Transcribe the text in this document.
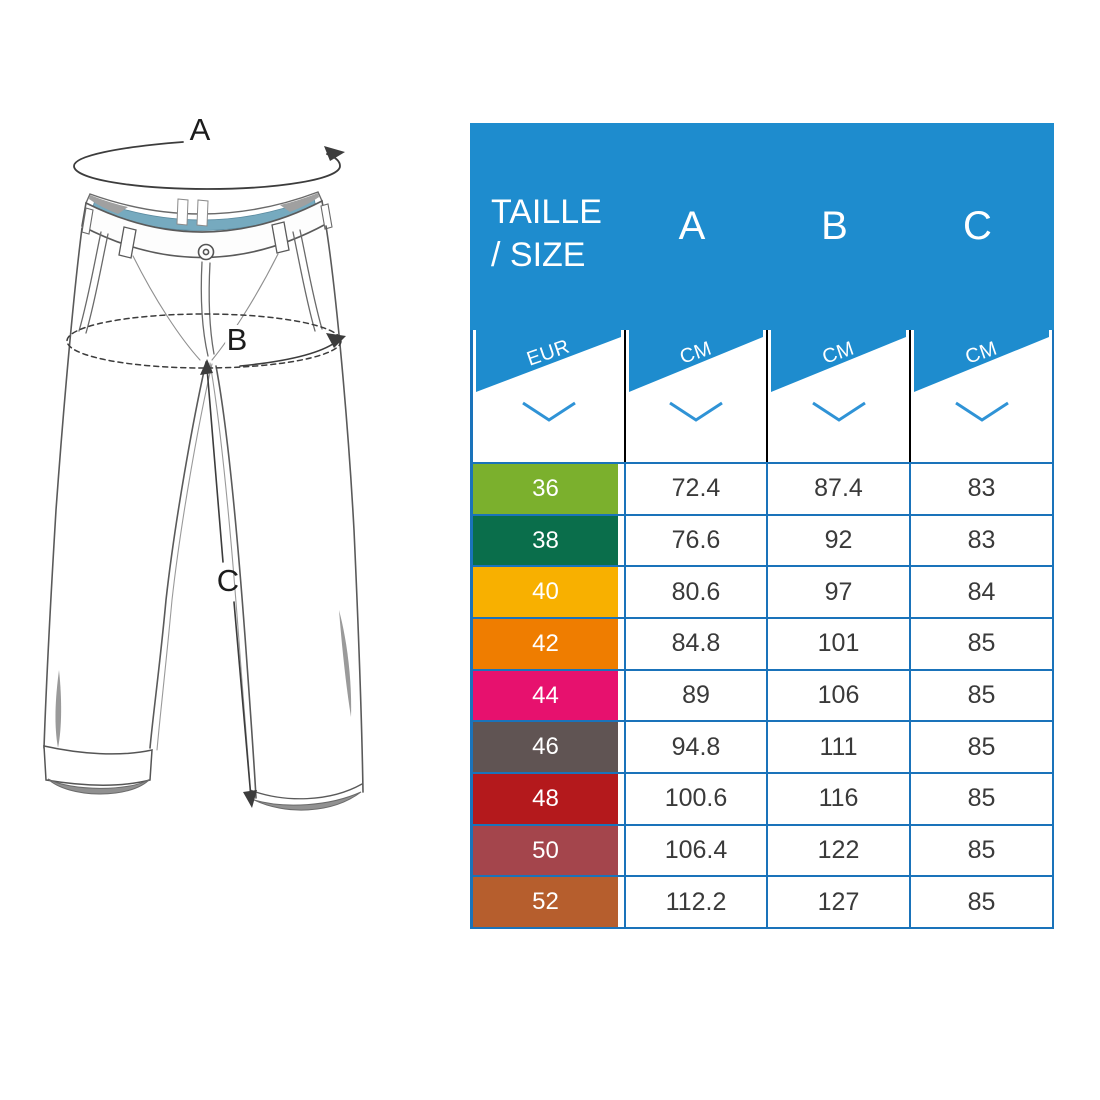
A
B
C
TAILLE
/ SIZE
A	B	C
EUR	CM	CM	CM
36	72.4	87.4	83
38	76.6	92	83
40	80.6	97	84
42	84.8	101	85
44	89	106	85
46	94.8	111	85
48	100.6	116	85
50	106.4	122	85
52	112.2	127	85
